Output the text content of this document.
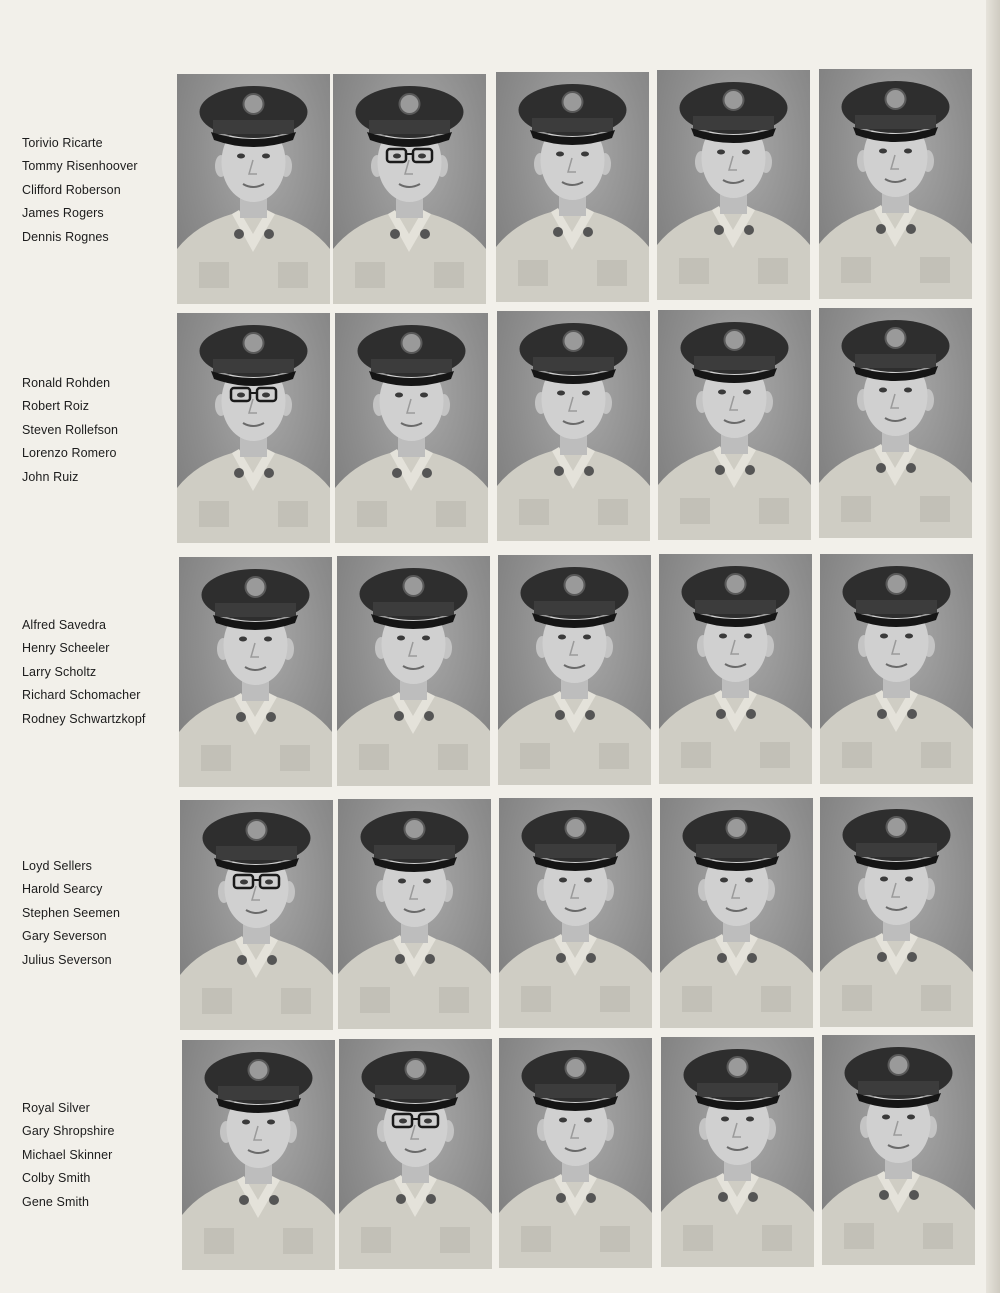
Torivio Ricarte
Tommy Risenhoover
Clifford Roberson
James Rogers
Dennis Rognes
Ronald Rohden
Robert Roiz
Steven Rollefson
Lorenzo Romero
John Ruiz
Alfred Savedra
Henry Scheeler
Larry Scholtz
Richard Schomacher
Rodney Schwartzkopf
Loyd Sellers
Harold Searcy
Stephen Seemen
Gary Severson
Julius Severson
Royal Silver
Gary Shropshire
Michael Skinner
Colby Smith
Gene Smith
